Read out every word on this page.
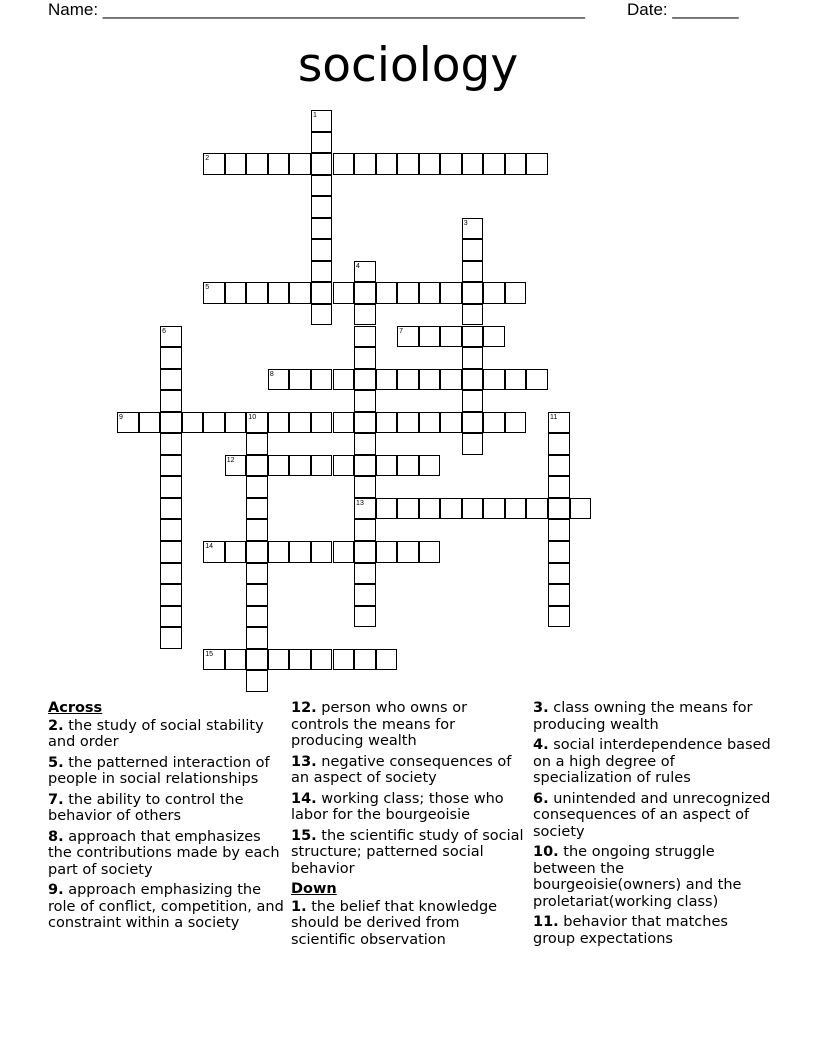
Name: ___________________________________________________ Date: _______
sociology
1
2
3
4
13
5
6	7
8
9	10	11
12
14
15
Across
2. the study of social stability and order
5. the patterned interaction of people in social relationships
7. the ability to control the behavior of others
8. approach that emphasizes the contributions made by each part of society
9. approach emphasizing the role of conflict, competition, and constraint within a society
12. person who owns or controls the means for producing wealth
13. negative consequences of an aspect of society
14. working class; those who labor for the bourgeoisie
15. the scientific study of social structure; patterned social behavior
Down
1. the belief that knowledge should be derived from scientific observation
3. class owning the means for producing wealth
4. social interdependence based on a high degree of specialization of rules
6. unintended and unrecognized consequences of an aspect of society
10. the ongoing struggle between the bourgeoisie(owners) and the proletariat(working class)
11. behavior that matches group expectations
